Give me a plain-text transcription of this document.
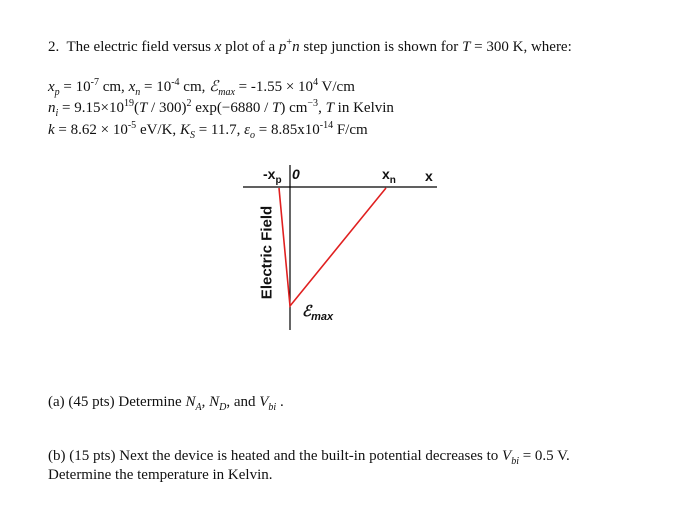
2. The electric field versus x plot of a p+n step junction is shown for T = 300 K, where:
$x_p = 10^{-7}$ cm, $x_n = 10^{-4}$ cm, ℰ$_{max}$ = $-1.55 \times 10^4$ V/cm
$n_i = 9.15\times 10^{19}(T / 300)^2$ exp(−6880 / T) $cm^{-3}$, T in Kelvin
$k = 8.62 \times 10^{-5}$ eV/K, $K_S = 11.7$, $\varepsilon_o = 8.85x10^{-14}$ F/cm
$-x_p$ 0	$x_n$ x
Electric Field
ℰ$_{max}$
(a) (45 pts) Determine $N_A$, $N_D$, and $V_{bi}$ .
(b) (15 pts) Next the device is heated and the built-in potential decreases to $V_{bi} = 0.5$ V.
Determine the temperature in Kelvin.
